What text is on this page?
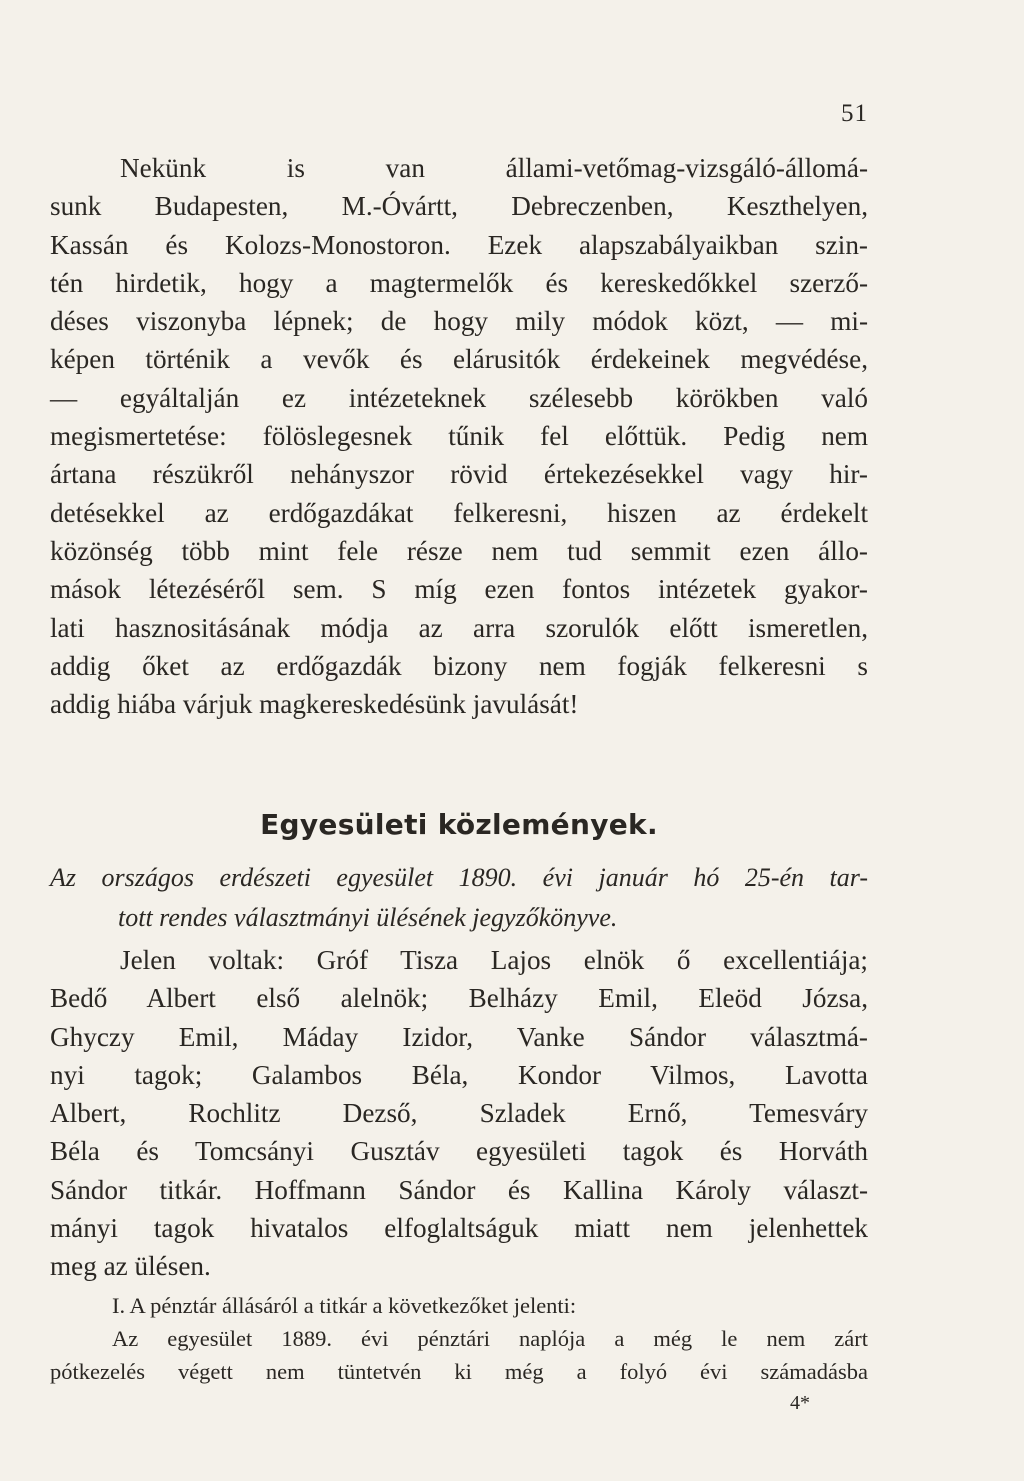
51
Nekünk is van állami-vetőmag-vizsgáló-állomá-
sunk Budapesten, M.-Óvártt, Debreczenben, Keszthelyen,
Kassán és Kolozs-Monostoron. Ezek alapszabályaikban szin-
tén hirdetik, hogy a magtermelők és kereskedőkkel szerző-
déses viszonyba lépnek; de hogy mily módok közt, — mi-
képen történik a vevők és elárusitók érdekeinek megvédése,
— egyáltalján ez intézeteknek szélesebb körökben való
megismertetése: fölöslegesnek tűnik fel előttük. Pedig nem
ártana részükről nehányszor rövid értekezésekkel vagy hir-
detésekkel az erdőgazdákat felkeresni, hiszen az érdekelt
közönség több mint fele része nem tud semmit ezen állo-
mások létezéséről sem. S míg ezen fontos intézetek gyakor-
lati hasznositásának módja az arra szorulók előtt ismeretlen,
addig őket az erdőgazdák bizony nem fogják felkeresni s
addig hiába várjuk magkereskedésünk javulását!
Egyesületi közlemények.
Az országos erdészeti egyesület 1890. évi január hó 25-én tar-
tott rendes választmányi ülésének jegyzőkönyve.
Jelen voltak: Gróf Tisza Lajos elnök ő excellentiája;
Bedő Albert első alelnök; Belházy Emil, Eleöd Józsa,
Ghyczy Emil, Máday Izidor, Vanke Sándor választmá-
nyi tagok; Galambos Béla, Kondor Vilmos, Lavotta
Albert, Rochlitz Dezső, Szladek Ernő, Temesváry
Béla és Tomcsányi Gusztáv egyesületi tagok és Horváth
Sándor titkár. Hoffmann Sándor és Kallina Károly választ-
mányi tagok hivatalos elfoglaltságuk miatt nem jelenhettek
meg az ülésen.
I. A pénztár állásáról a titkár a következőket jelenti:
Az egyesület 1889. évi pénztári naplója a még le nem zárt
pótkezelés végett nem tüntetvén ki még a folyó évi számadásba
4*
